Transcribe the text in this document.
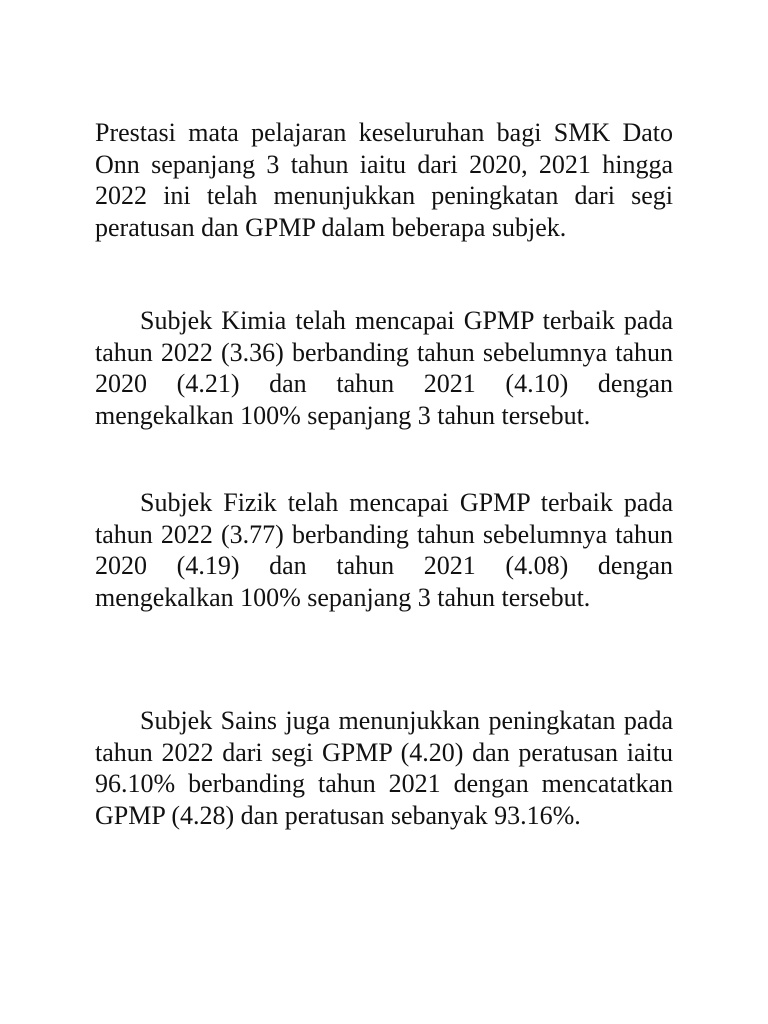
Prestasi mata pelajaran keseluruhan bagi SMK Dato Onn sepanjang 3 tahun iaitu dari 2020, 2021 hingga 2022 ini telah menunjukkan peningkatan dari segi peratusan dan GPMP dalam beberapa subjek.

Subjek Kimia telah mencapai GPMP terbaik pada tahun 2022 (3.36) berbanding tahun sebelumnya tahun 2020 (4.21) dan tahun 2021 (4.10) dengan mengekalkan 100% sepanjang 3 tahun tersebut.

Subjek Fizik telah mencapai GPMP terbaik pada tahun 2022 (3.77) berbanding tahun sebelumnya tahun 2020 (4.19) dan tahun 2021 (4.08) dengan mengekalkan 100% sepanjang 3 tahun tersebut.

Subjek Sains juga menunjukkan peningkatan pada tahun 2022 dari segi GPMP (4.20) dan peratusan iaitu 96.10% berbanding tahun 2021 dengan mencatatkan GPMP (4.28) dan peratusan sebanyak 93.16%.
